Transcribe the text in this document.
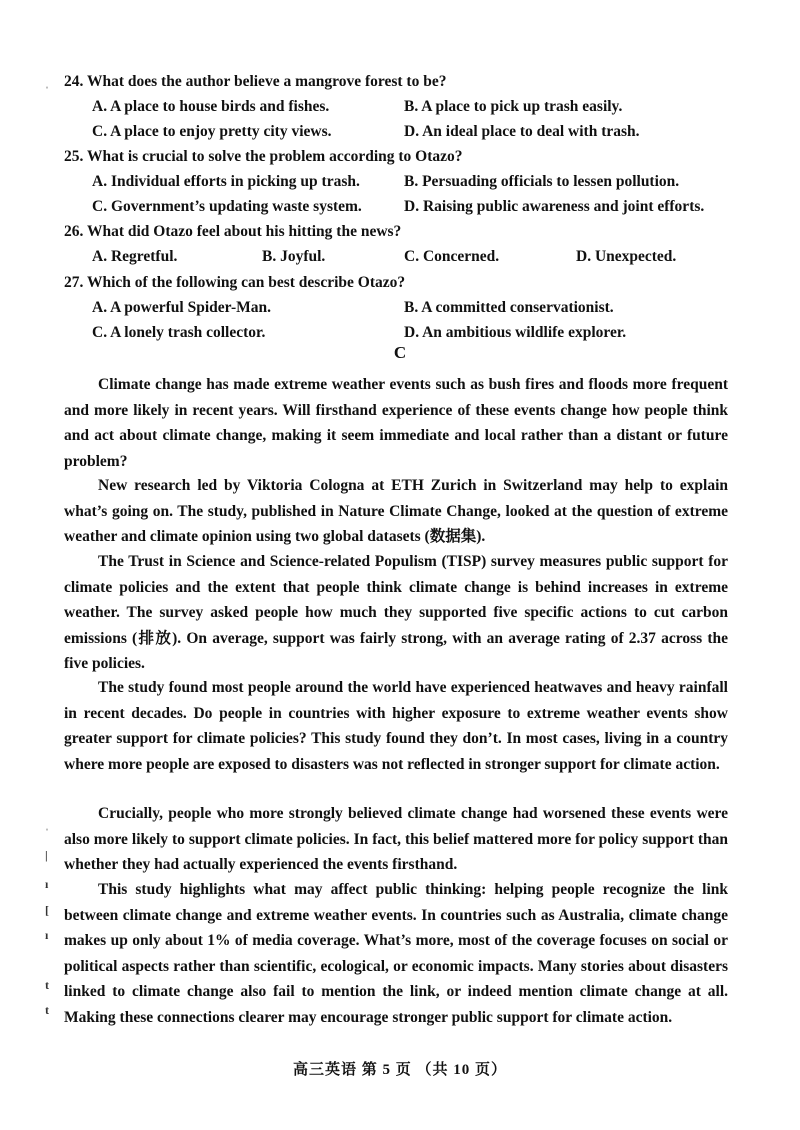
ˌ 24. What does the author believe a mangrove forest to be?
A. A place to house birds and fishes.	B. A place to pick up trash easily.
C. A place to enjoy pretty city views.	D. An ideal place to deal with trash.
25. What is crucial to solve the problem according to Otazo?
A. Individual efforts in picking up trash.	B. Persuading officials to lessen pollution.
C. Government’s updating waste system.	D. Raising public awareness and joint efforts.
26. What did Otazo feel about his hitting the news?
A. Regretful.	B. Joyful.	C. Concerned.	D. Unexpected.
27. Which of the following can best describe Otazo?
A. A powerful Spider-Man.	B. A committed conservationist.
C. A lonely trash collector.	D. An ambitious wildlife explorer.
C

Climate change has made extreme weather events such as bush fires and floods more frequent and more likely in recent years. Will firsthand experience of these events change how people think and act about climate change, making it seem immediate and local rather than a distant or future problem?

New research led by Viktoria Cologna at ETH Zurich in Switzerland may help to explain what’s going on. The study, published in Nature Climate Change, looked at the question of extreme weather and climate opinion using two global datasets (数据集).

The Trust in Science and Science-related Populism (TISP) survey measures public support for climate policies and the extent that people think climate change is behind increases in extreme weather. The survey asked people how much they supported five specific actions to cut carbon emissions (排放). On average, support was fairly strong, with an average rating of 2.37 across the five policies.

The study found most people around the world have experienced heatwaves and heavy rainfall in recent decades. Do people in countries with higher exposure to extreme weather events show greater support for climate policies? This study found they don’t. In most cases, living in a country where more people are exposed to disasters was not reflected in stronger support for climate action.

Crucially, people who more strongly believed climate change had worsened these events were also more likely to support climate policies. In fact, this belief mattered more for policy support than whether they had actually experienced the events firsthand.

This study highlights what may affect public thinking: helping people recognize the link between climate change and extreme weather events. In countries such as Australia, climate change makes up only about 1% of media coverage. What’s more, most of the coverage focuses on social or political aspects rather than scientific, ecological, or economic impacts. Many stories about disasters linked to climate change also fail to mention the link, or indeed mention climate change at all. Making these connections clearer may encourage stronger public support for climate action.

ˈ
|
ı
[
ı
t
t
高三英语 第 5 页 （共 10 页）
